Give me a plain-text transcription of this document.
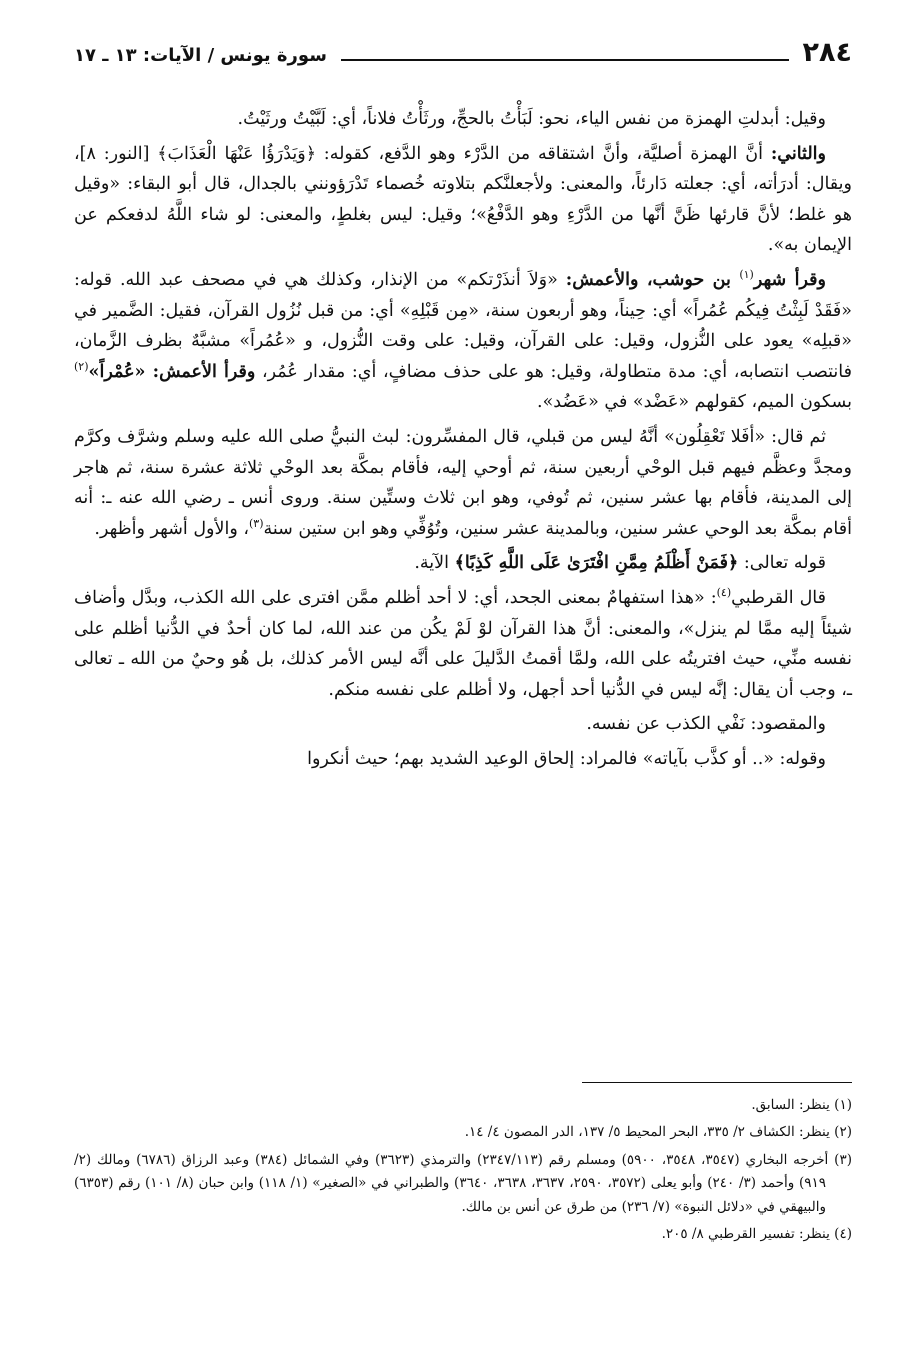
٢٨٤
سورة يونس / الآيات: ١٣ ـ ١٧

وقيل: أبدلتِ الهمزة من نفس الياء، نحو: لَبَأْتُ بالحجِّ، ورثَأْتُ فلاناً، أي: لَبَّيْتُ ورثَيْتُ.

والثاني: أنَّ الهمزة أصليَّة، وأنَّ اشتقاقه من الدَّرْء وهو الدَّفع، كقوله: ﴿وَيَدْرَؤُا عَنْهَا الْعَذَابَ﴾ [النور: ٨]، ويقال: أدرَأته، أي: جعلته دَارئاً، والمعنى: ولأجعلنَّكم بتلاوته خُصماء تَدْرَؤونني بالجدال، قال أبو البقاء: «وقيل هو غلط؛ لأنَّ قارئها ظَنَّ أنَّها من الدَّرْءِ وهو الدَّفْعُ»؛ وقيل: ليس بغلطٍ، والمعنى: لو شاء اللَّهُ لدفعكم عن الإيمان به».

وقرأ شهر$^{(١)}$ بن حوشب، والأعمش: «وَلاَ أنذَرْتكم» من الإنذار، وكذلك هي في مصحف عبد الله. قوله: «فَقَدْ لَبِثْتُ فِيكُم عُمُراً» أي: حِيناً، وهو أربعون سنة، «مِن قَبْلِهِ» أي: من قبل نُزُول القرآن، فقيل: الضَّمير في «قبلِه» يعود على النُّزول، وقيل: على القرآن، وقيل: على وقت النُّزول، و «عُمُراً» مشبَّهٌ بظرف الزَّمان، فانتصب انتصابه، أي: مدة متطاولة، وقيل: هو على حذف مضافٍ، أي: مقدار عُمُر، وقرأ الأعمش: «عُمْراً»$^{(٢)}$ بسكون الميم، كقولهم «عَضْد» في «عَضُد».

ثم قال: «أفَلا تَعْقِلُون» أنَّهُ ليس من قبلي، قال المفسِّرون: لبث النبيُّ صلى الله عليه وسلم وشرَّف وكرَّم ومجدَّ وعظَّم فيهم قبل الوحْي أربعين سنة، ثم أوحي إليه، فأقام بمكَّة بعد الوحْي ثلاثة عشرة سنة، ثم هاجر إلى المدينة، فأقام بها عشر سنين، ثم تُوفي، وهو ابن ثلاث وستِّين سنة. وروى أنس ـ رضي الله عنه ـ: أنه أقام بمكَّة بعد الوحي عشر سنين، وبالمدينة عشر سنين، وتُوُفِّي وهو ابن ستين سنة$^{(٣)}$، والأول أشهر وأظهر.

قوله تعالى: ﴿فَمَنْ أَظْلَمُ مِمَّنِ افْتَرَىٰ عَلَى اللَّهِ كَذِبًا﴾ الآية.

قال القرطبي$^{(٤)}$: «هذا استفهامٌ بمعنى الجحد، أي: لا أحد أظلم ممَّن افترى على الله الكذب، وبدَّل وأضاف شيئاً إليه ممَّا لم ينزل»، والمعنى: أنَّ هذا القرآن لوْ لَمْ يكُن من عند الله، لما كان أحدٌ في الدُّنيا أظلم على نفسه منِّي، حيث افتريتُه على الله، ولمَّا أقمتُ الدَّليلَ على أنَّه ليس الأمر كذلك، بل هُو وحيٌ من الله ـ تعالى ـ، وجب أن يقال: إنَّه ليس في الدُّنيا أحد أجهل، ولا أظلم على نفسه منكم.

والمقصود: نَفْي الكذب عن نفسه.

وقوله: «.. أو كذَّب بآياته» فالمراد: إلحاق الوعيد الشديد بهم؛ حيث أنكروا

(١) ينظر: السابق.

(٢) ينظر: الكشاف ٢/ ٣٣٥، البحر المحيط ٥/ ١٣٧، الدر المصون ٤/ ١٤.

(٣) أخرجه البخاري (٣٥٤٧، ٣٥٤٨، ٥٩٠٠) ومسلم رقم (٢٣٤٧/١١٣) والترمذي (٣٦٢٣) وفي الشمائل (٣٨٤) وعبد الرزاق (٦٧٨٦) ومالك (٢/ ٩١٩) وأحمد (٣/ ٢٤٠) وأبو يعلى (٣٥٧٢، ٢٥٩٠، ٣٦٣٧، ٣٦٣٨، ٣٦٤٠) والطبراني في «الصغير» (١/ ١١٨) وابن حبان (٨/ ١٠١) رقم (٦٣٥٣) والبيهقي في «دلائل النبوة» (٧/ ٢٣٦) من طرق عن أنس بن مالك.

(٤) ينظر: تفسير القرطبي ٨/ ٢٠٥.
